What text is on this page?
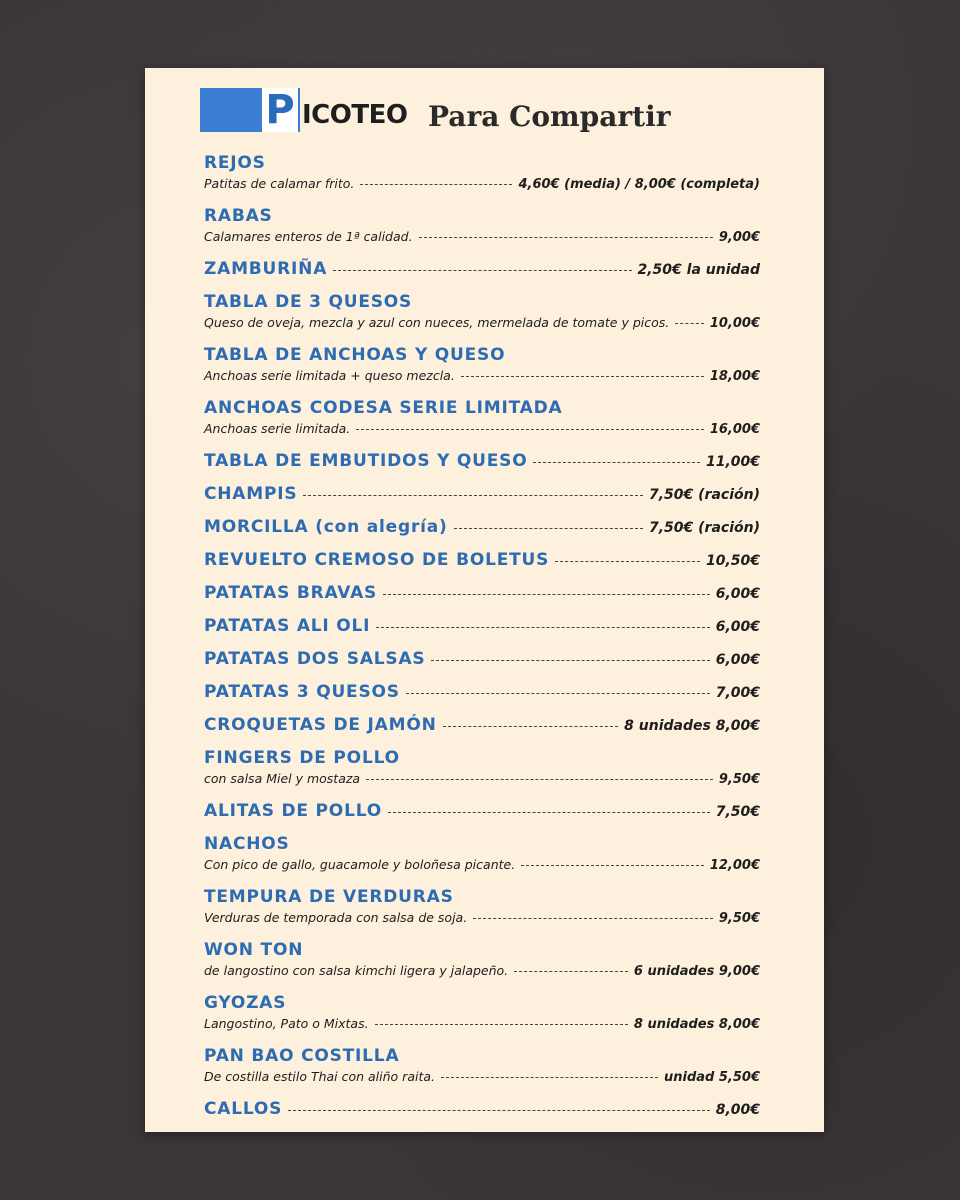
P ICOTEO Para Compartir
REJOS
Patitas de calamar frito.	4,60€ (media) / 8,00€ (completa)
RABAS
Calamares enteros de 1ª calidad.	9,00€
ZAMBURIÑA	2,50€ la unidad
TABLA DE 3 QUESOS
Queso de oveja, mezcla y azul con nueces, mermelada de tomate y picos.	10,00€
TABLA DE ANCHOAS Y QUESO
Anchoas serie limitada + queso mezcla.	18,00€
ANCHOAS CODESA SERIE LIMITADA
Anchoas serie limitada.	16,00€
TABLA DE EMBUTIDOS Y QUESO	11,00€
CHAMPIS	7,50€ (ración)
MORCILLA (con alegría)	7,50€ (ración)
REVUELTO CREMOSO DE BOLETUS	10,50€
PATATAS BRAVAS	6,00€
PATATAS ALI OLI	6,00€
PATATAS DOS SALSAS	6,00€
PATATAS 3 QUESOS	7,00€
CROQUETAS DE JAMÓN	8 unidades 8,00€
FINGERS DE POLLO
con salsa Miel y mostaza	9,50€
ALITAS DE POLLO	7,50€
NACHOS
Con pico de gallo, guacamole y boloñesa picante.	12,00€
TEMPURA DE VERDURAS
Verduras de temporada con salsa de soja.	9,50€
WON TON
de langostino con salsa kimchi ligera y jalapeño.	6 unidades 9,00€
GYOZAS
Langostino, Pato o Mixtas.	8 unidades 8,00€
PAN BAO COSTILLA
De costilla estilo Thai con aliño raita.	unidad 5,50€
CALLOS	8,00€
